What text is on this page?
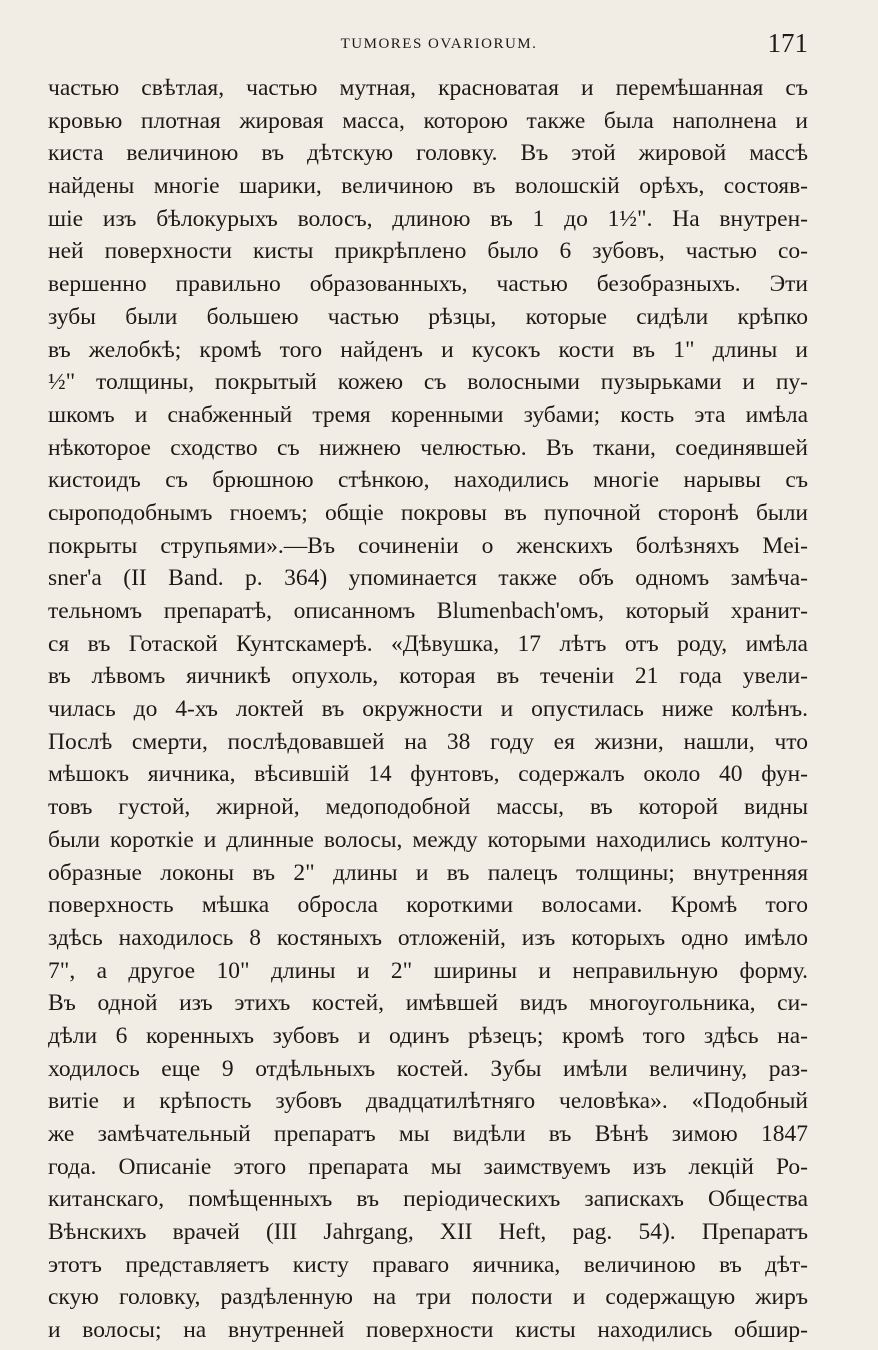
TUMORES OVARIORUM.	171
частью свѣтлая, частью мутная, красноватая и перемѣшанная съ
кровью плотная жировая масса, которою также была наполнена и
киста величиною въ дѣтскую головку. Въ этой жировой массѣ
найдены многіе шарики, величиною въ волошскій орѣхъ, состояв-
шіе изъ бѣлокурыхъ волосъ, длиною въ 1 до 1½". На внутрен-
ней поверхности кисты прикрѣплено было 6 зубовъ, частью со-
вершенно правильно образованныхъ, частью безобразныхъ. Эти
зубы были большею частью рѣзцы, которые сидѣли крѣпко
въ желобкѣ; кромѣ того найденъ и кусокъ кости въ 1" длины и
½" толщины, покрытый кожею съ волосными пузырьками и пу-
шкомъ и снабженный тремя коренными зубами; кость эта имѣла
нѣкоторое сходство съ нижнею челюстью. Въ ткани, соединявшей
кистоидъ съ брюшною стѣнкою, находились многіе нарывы съ
сыроподобнымъ гноемъ; общіе покровы въ пупочной сторонѣ были
покрыты струпьями».—Въ сочиненіи о женскихъ болѣзняхъ Mei-
sner'a (II Band. p. 364) упоминается также объ одномъ замѣча-
тельномъ препаратѣ, описанномъ Blumenbach'омъ, который хранит-
ся въ Готаской Кунтскамерѣ. «Дѣвушка, 17 лѣтъ отъ роду, имѣла
въ лѣвомъ яичникѣ опухоль, которая въ теченіи 21 года увели-
чилась до 4-хъ локтей въ окружности и опустилась ниже колѣнъ.
Послѣ смерти, послѣдовавшей на 38 году ея жизни, нашли, что
мѣшокъ яичника, вѣсившій 14 фунтовъ, содержалъ около 40 фун-
товъ густой, жирной, медоподобной массы, въ которой видны
были короткіе и длинные волосы, между которыми находились колтуно-
образные локоны въ 2" длины и въ палецъ толщины; внутренняя
поверхность мѣшка обросла короткими волосами. Кромѣ того
здѣсь находилось 8 костяныхъ отложеній, изъ которыхъ одно имѣло
7", а другое 10" длины и 2" ширины и неправильную форму.
Въ одной изъ этихъ костей, имѣвшей видъ многоугольника, си-
дѣли 6 коренныхъ зубовъ и одинъ рѣзецъ; кромѣ того здѣсь на-
ходилось еще 9 отдѣльныхъ костей. Зубы имѣли величину, раз-
витіе и крѣпость зубовъ двадцатилѣтняго человѣка». «Подобный
же замѣчательный препаратъ мы видѣли въ Вѣнѣ зимою 1847
года. Описаніе этого препарата мы заимствуемъ изъ лекцій Ро-
китанскаго, помѣщенныхъ въ періодическихъ запискахъ Общества
Вѣнскихъ врачей (III Jahrgang, XII Heft, pag. 54). Препаратъ
этотъ представляетъ кисту праваго яичника, величиною въ дѣт-
скую головку, раздѣленную на три полости и содержащую жиръ
и волосы; на внутренней поверхности кисты находились обшир-
